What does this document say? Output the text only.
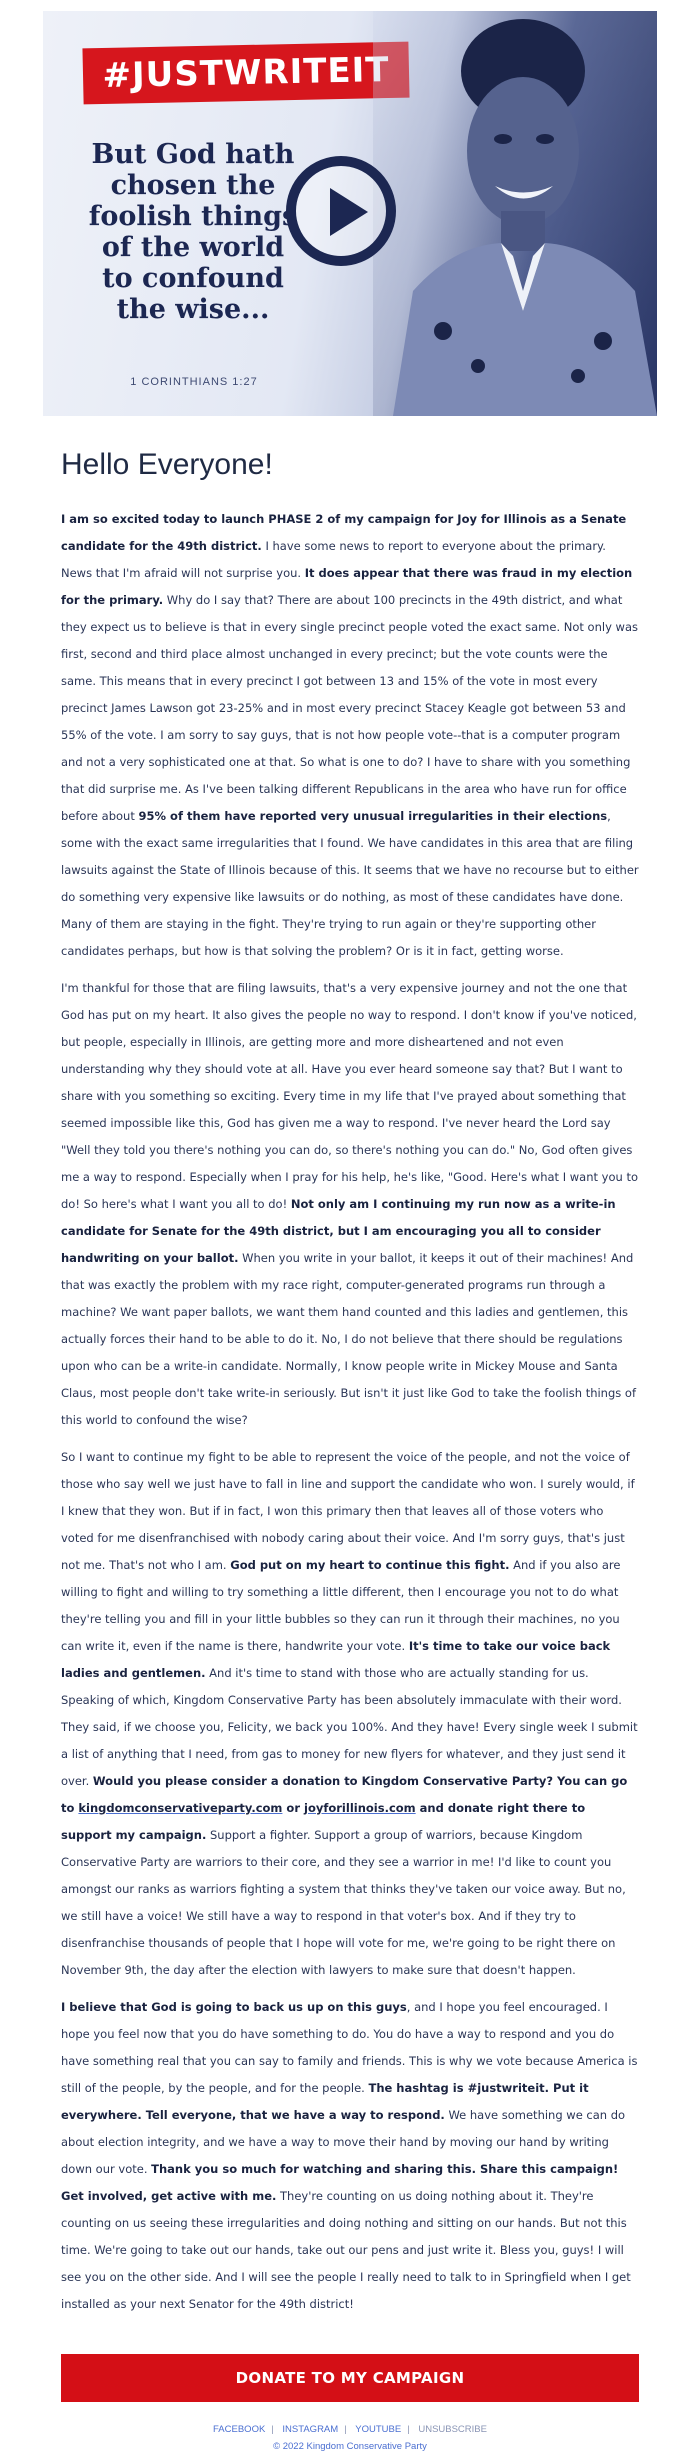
#JUSTWRITEIT
But God hath chosen the foolish things of the world to confound the wise...
1 CORINTHIANS 1:27
Hello Everyone!

I am so excited today to launch PHASE 2 of my campaign for Joy for Illinois as a Senate candidate for the 49th district. I have some news to report to everyone about the primary. News that I'm afraid will not surprise you. It does appear that there was fraud in my election for the primary. Why do I say that? There are about 100 precincts in the 49th district, and what they expect us to believe is that in every single precinct people voted the exact same. Not only was first, second and third place almost unchanged in every precinct; but the vote counts were the same. This means that in every precinct I got between 13 and 15% of the vote in most every precinct James Lawson got 23-25% and in most every precinct Stacey Keagle got between 53 and 55% of the vote. I am sorry to say guys, that is not how people vote--that is a computer program and not a very sophisticated one at that. So what is one to do? I have to share with you something that did surprise me. As I've been talking different Republicans in the area who have run for office before about 95% of them have reported very unusual irregularities in their elections, some with the exact same irregularities that I found. We have candidates in this area that are filing lawsuits against the State of Illinois because of this. It seems that we have no recourse but to either do something very expensive like lawsuits or do nothing, as most of these candidates have done. Many of them are staying in the fight. They're trying to run again or they're supporting other candidates perhaps, but how is that solving the problem? Or is it in fact, getting worse.

I'm thankful for those that are filing lawsuits, that's a very expensive journey and not the one that God has put on my heart. It also gives the people no way to respond. I don't know if you've noticed, but people, especially in Illinois, are getting more and more disheartened and not even understanding why they should vote at all. Have you ever heard someone say that? But I want to share with you something so exciting. Every time in my life that I've prayed about something that seemed impossible like this, God has given me a way to respond. I've never heard the Lord say "Well they told you there's nothing you can do, so there's nothing you can do." No, God often gives me a way to respond. Especially when I pray for his help, he's like, "Good. Here's what I want you to do! So here's what I want you all to do! Not only am I continuing my run now as a write-in candidate for Senate for the 49th district, but I am encouraging you all to consider handwriting on your ballot. When you write in your ballot, it keeps it out of their machines! And that was exactly the problem with my race right, computer-generated programs run through a machine? We want paper ballots, we want them hand counted and this ladies and gentlemen, this actually forces their hand to be able to do it. No, I do not believe that there should be regulations upon who can be a write-in candidate. Normally, I know people write in Mickey Mouse and Santa Claus, most people don't take write-in seriously. But isn't it just like God to take the foolish things of this world to confound the wise?

So I want to continue my fight to be able to represent the voice of the people, and not the voice of those who say well we just have to fall in line and support the candidate who won. I surely would, if I knew that they won. But if in fact, I won this primary then that leaves all of those voters who voted for me disenfranchised with nobody caring about their voice. And I'm sorry guys, that's just not me. That's not who I am. God put on my heart to continue this fight. And if you also are willing to fight and willing to try something a little different, then I encourage you not to do what they're telling you and fill in your little bubbles so they can run it through their machines, no you can write it, even if the name is there, handwrite your vote. It's time to take our voice back ladies and gentlemen. And it's time to stand with those who are actually standing for us. Speaking of which, Kingdom Conservative Party has been absolutely immaculate with their word. They said, if we choose you, Felicity, we back you 100%. And they have! Every single week I submit a list of anything that I need, from gas to money for new flyers for whatever, and they just send it over. Would you please consider a donation to Kingdom Conservative Party? You can go to kingdomconservativeparty.com or joyforillinois.com and donate right there to support my campaign. Support a fighter. Support a group of warriors, because Kingdom Conservative Party are warriors to their core, and they see a warrior in me! I'd like to count you amongst our ranks as warriors fighting a system that thinks they've taken our voice away. But no, we still have a voice! We still have a way to respond in that voter's box. And if they try to disenfranchise thousands of people that I hope will vote for me, we're going to be right there on November 9th, the day after the election with lawyers to make sure that doesn't happen.

I believe that God is going to back us up on this guys, and I hope you feel encouraged. I hope you feel now that you do have something to do. You do have a way to respond and you do have something real that you can say to family and friends. This is why we vote because America is still of the people, by the people, and for the people. The hashtag is #justwriteit. Put it everywhere. Tell everyone, that we have a way to respond. We have something we can do about election integrity, and we have a way to move their hand by moving our hand by writing down our vote. Thank you so much for watching and sharing this. Share this campaign! Get involved, get active with me. They're counting on us doing nothing about it. They're counting on us seeing these irregularities and doing nothing and sitting on our hands. But not this time. We're going to take out our hands, take out our pens and just write it. Bless you, guys! I will see you on the other side. And I will see the people I really need to talk to in Springfield when I get installed as your next Senator for the 49th district!

DONATE TO MY CAMPAIGN
FACEBOOK | INSTAGRAM | YOUTUBE | UNSUBSCRIBE
© 2022 Kingdom Conservative Party
